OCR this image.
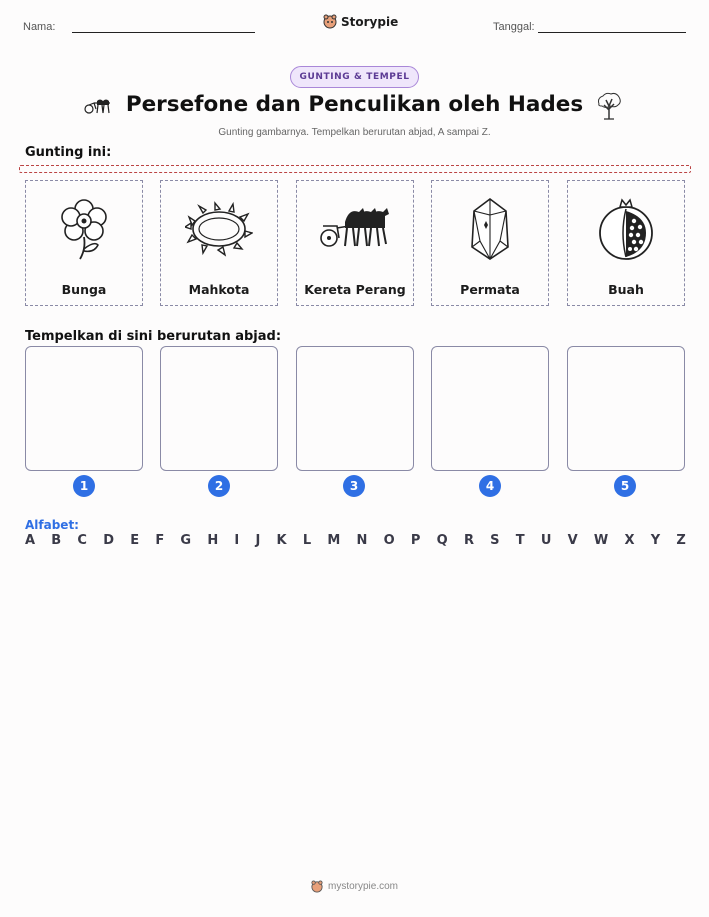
Nama:	Storypie	Tanggal:
GUNTING & TEMPEL
Persefone dan Penculikan oleh Hades
Gunting gambarnya. Tempelkan berurutan abjad, A sampai Z.
Gunting ini:
Bunga	Mahkota	Kereta Perang	Permata	Buah
Tempelkan di sini berurutan abjad:
1	2	3	4	5
Alfabet:
A B C D E F G H I J K L M N O P Q R S T U V W X Y Z
mystorypie.com
